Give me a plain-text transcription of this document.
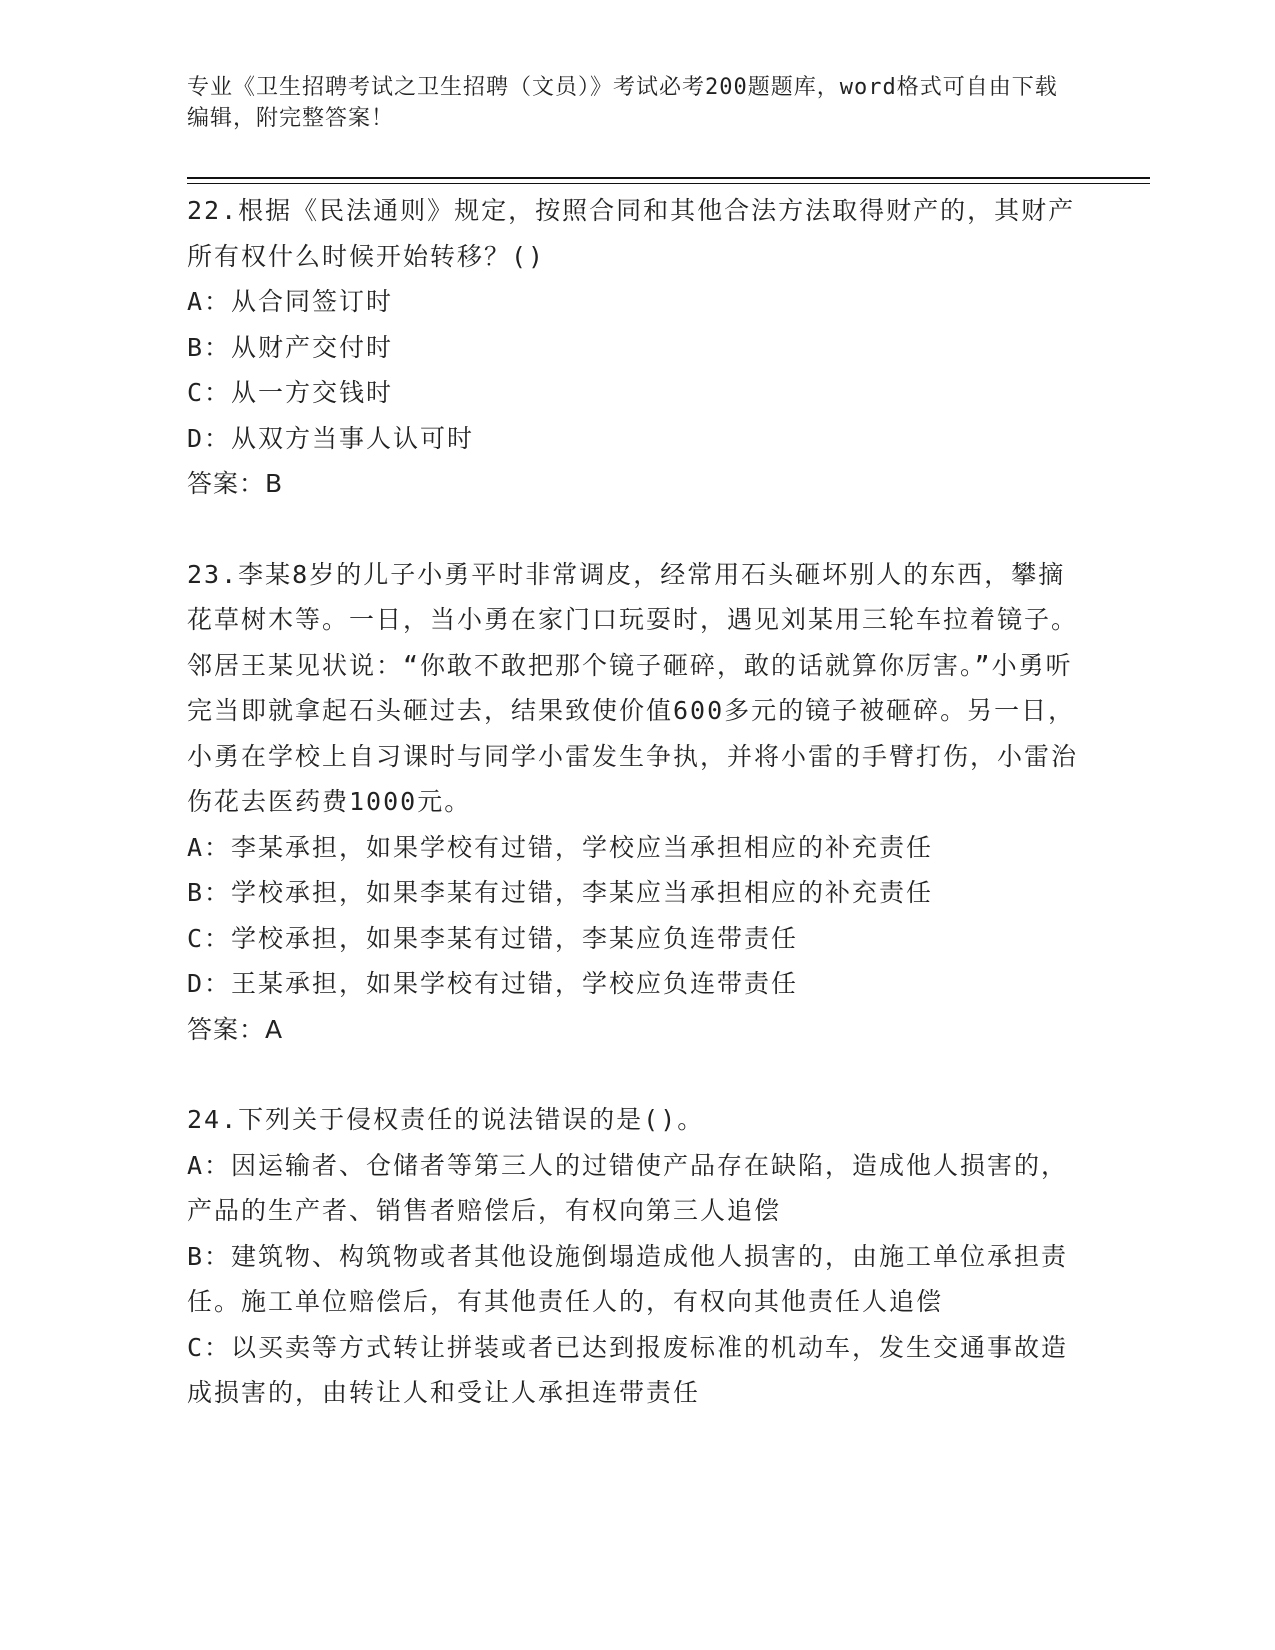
专业《卫生招聘考试之卫生招聘（文员）》考试必考200题题库，word格式可自由下载编辑，附完整答案！

22.根据《民法通则》规定，按照合同和其他合法方法取得财产的，其财产所有权什么时候开始转移？()

A：从合同签订时

B：从财产交付时

C：从一方交钱时

D：从双方当事人认可时

答案：B

23.李某8岁的儿子小勇平时非常调皮，经常用石头砸坏别人的东西，攀摘花草树木等。一日，当小勇在家门口玩耍时，遇见刘某用三轮车拉着镜子。邻居王某见状说：“你敢不敢把那个镜子砸碎，敢的话就算你厉害。”小勇听完当即就拿起石头砸过去，结果致使价值600多元的镜子被砸碎。另一日，小勇在学校上自习课时与同学小雷发生争执，并将小雷的手臂打伤，小雷治伤花去医药费1000元。

A：李某承担，如果学校有过错，学校应当承担相应的补充责任

B：学校承担，如果李某有过错，李某应当承担相应的补充责任

C：学校承担，如果李某有过错，李某应负连带责任

D：王某承担，如果学校有过错，学校应负连带责任

答案：A

24.下列关于侵权责任的说法错误的是()。

A：因运输者、仓储者等第三人的过错使产品存在缺陷，造成他人损害的，产品的生产者、销售者赔偿后，有权向第三人追偿

B：建筑物、构筑物或者其他设施倒塌造成他人损害的，由施工单位承担责任。施工单位赔偿后，有其他责任人的，有权向其他责任人追偿

C：以买卖等方式转让拼装或者已达到报废标准的机动车，发生交通事故造成损害的，由转让人和受让人承担连带责任
